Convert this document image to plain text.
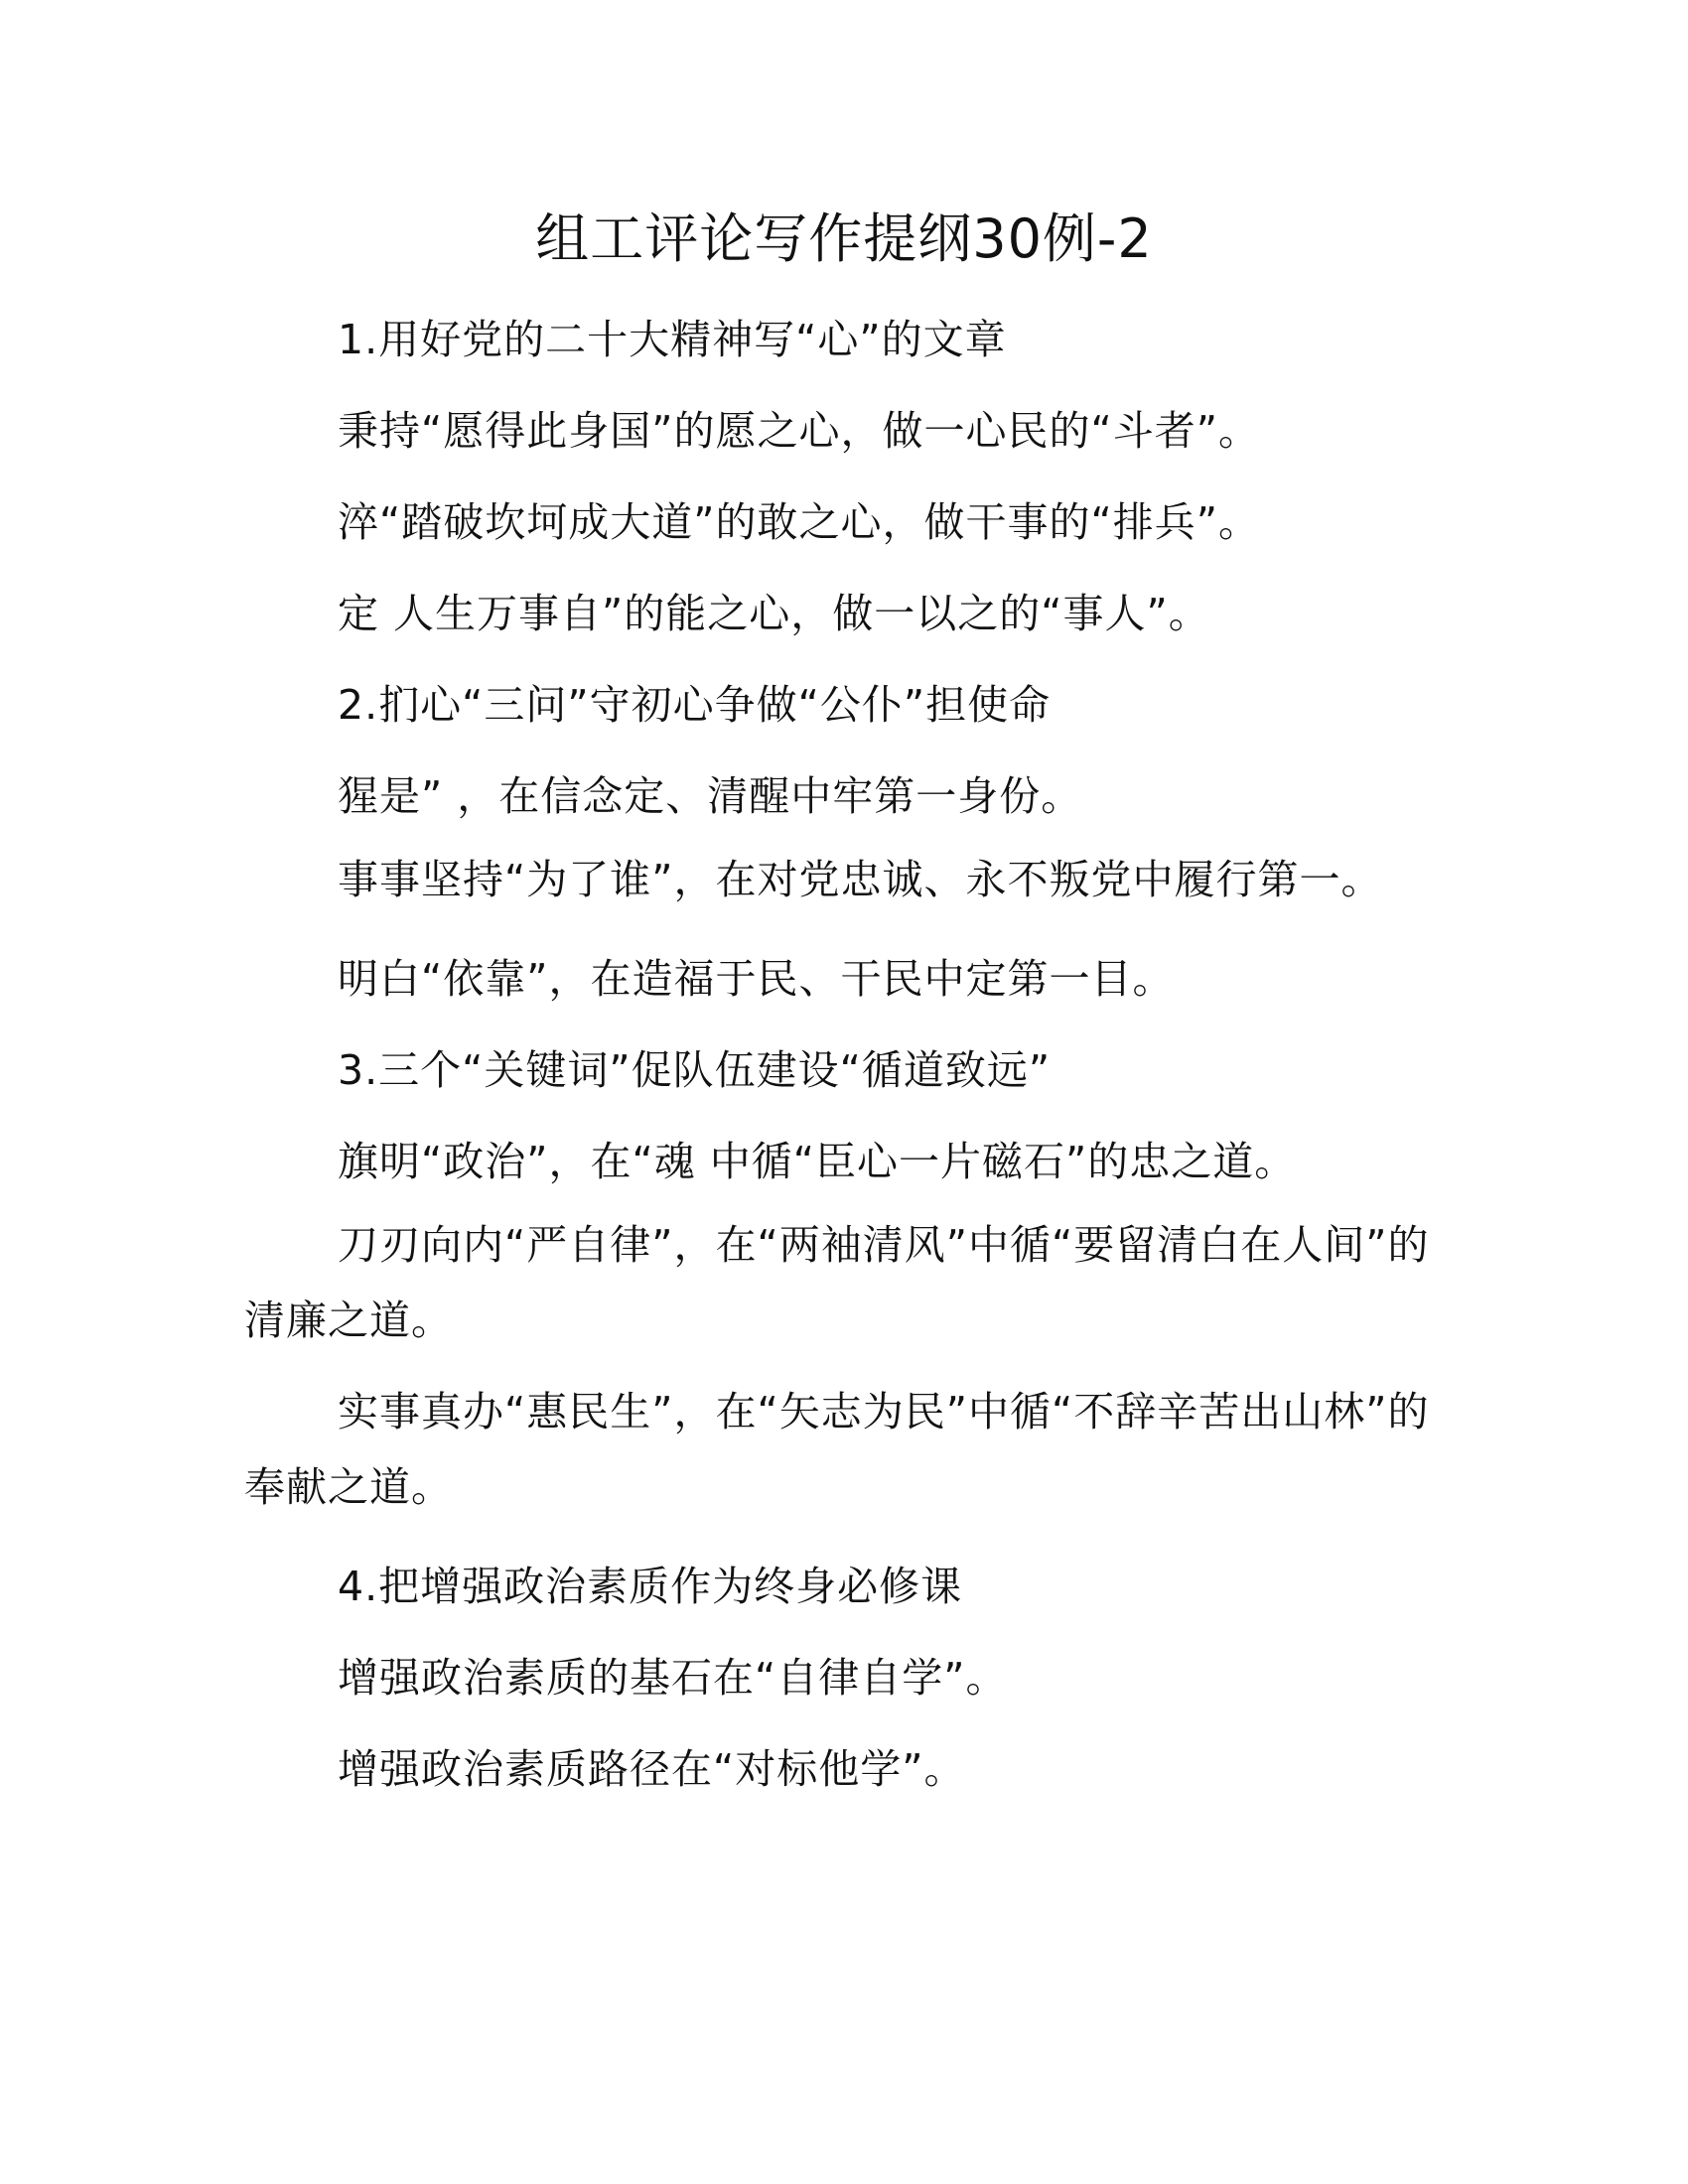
组工评论写作提纲30例-2

1.用好党的二十大精神写“心”的文章

秉持“愿得此身国”的愿之心，做一心民的“斗者”。

淬“踏破坎坷成大道”的敢之心，做干事的“排兵”。

定 人生万事自”的能之心，做一以之的“事人”。

2.扪心“三问”守初心争做“公仆”担使命

猩是” ，在信念定、清醒中牢第一身份。

事事坚持“为了谁”，在对党忠诚、永不叛党中履行第一。

明白“依靠”，在造福于民、干民中定第一目。

3.三个“关键词”促队伍建设“循道致远”

旗明“政治”，在“魂 中循“臣心一片磁石”的忠之道。

刀刃向内“严自律”，在“两袖清风”中循“要留清白在人间”的清廉之道。

实事真办“惠民生”，在“矢志为民”中循“不辞辛苦出山林”的奉献之道。

4.把增强政治素质作为终身必修课

增强政治素质的基石在“自律自学”。

增强政治素质路径在“对标他学”。
